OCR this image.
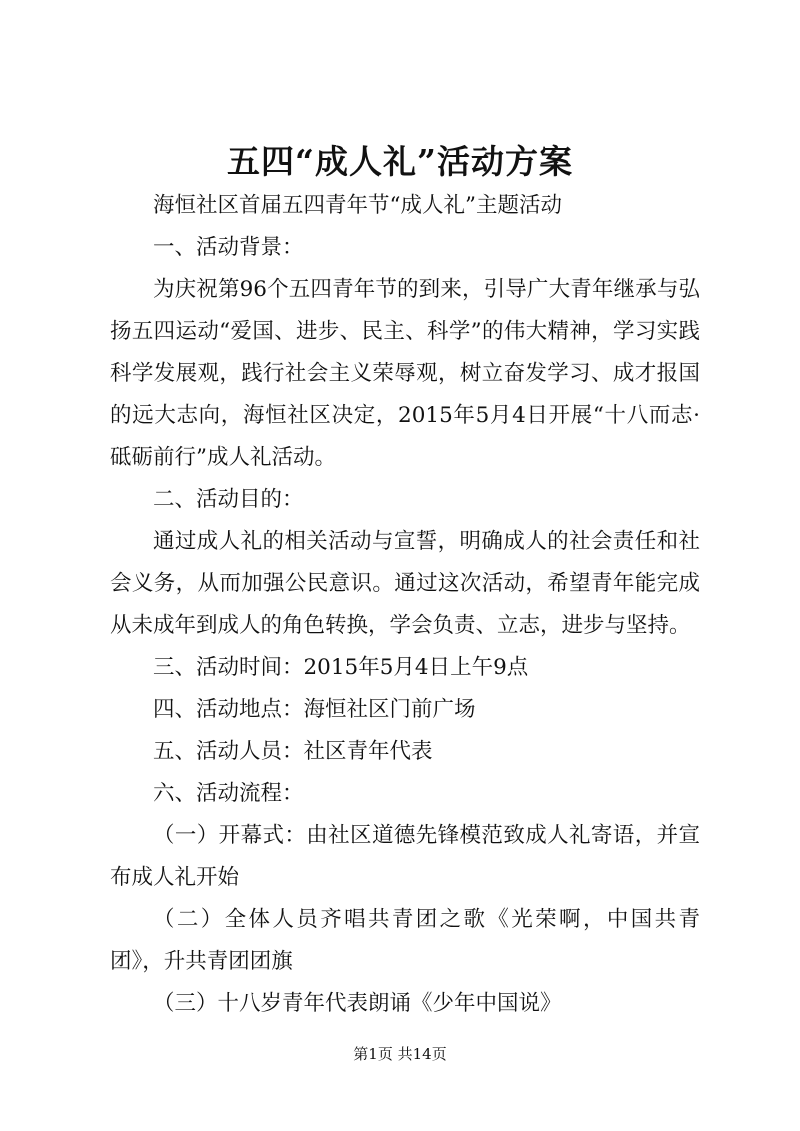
五四“成人礼”活动方案

海恒社区首届五四青年节“成人礼”主题活动

一、活动背景：

为庆祝第96个五四青年节的到来，引导广大青年继承与弘扬五四运动“爱国、进步、民主、科学”的伟大精神，学习实践科学发展观，践行社会主义荣辱观，树立奋发学习、成才报国的远大志向，海恒社区决定，2015年5月4日开展“十八而志·砥砺前行”成人礼活动。

二、活动目的：

通过成人礼的相关活动与宣誓，明确成人的社会责任和社会义务，从而加强公民意识。通过这次活动，希望青年能完成从未成年到成人的角色转换，学会负责、立志，进步与坚持。

三、活动时间：2015年5月4日上午9点

四、活动地点：海恒社区门前广场

五、活动人员：社区青年代表

六、活动流程：

（一）开幕式：由社区道德先锋模范致成人礼寄语，并宣布成人礼开始

（二）全体人员齐唱共青团之歌《光荣啊，中国共青团》，升共青团团旗

（三）十八岁青年代表朗诵《少年中国说》

第1页 共14页
